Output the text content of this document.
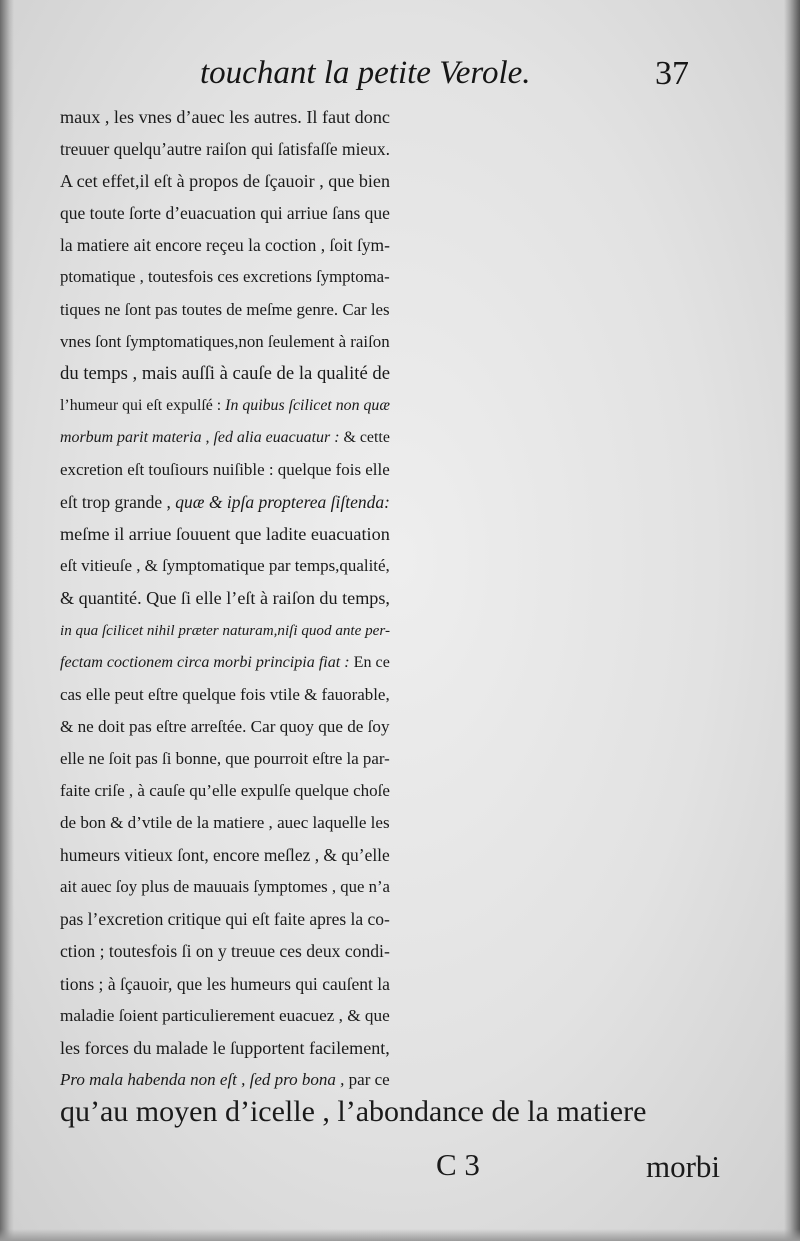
touchant la petite Verole.	37
maux , les vnes d’auec les autres. Il faut donc
treuuer quelqu’autre raiſon qui ſatisfaſſe mieux.
A cet effet,il eſt à propos de ſçauoir , que bien
que toute ſorte d’euacuation qui arriue ſans que
la matiere ait encore reçeu la coction , ſoit ſym-
ptomatique , toutesfois ces excretions ſymptoma-
tiques ne ſont pas toutes de meſme genre. Car les
vnes ſont ſymptomatiques,non ſeulement à raiſon
du temps , mais auſſi à cauſe de la qualité de
l’humeur qui eſt expulſé : In quibus ſcilicet non quæ
morbum parit materia , ſed alia euacuatur : & cette
excretion eſt touſiours nuiſible : quelque fois elle
eſt trop grande , quæ & ipſa propterea ſiſtenda:
meſme il arriue ſouuent que ladite euacuation
eſt vitieuſe , & ſymptomatique par temps,qualité,
& quantité. Que ſi elle l’eſt à raiſon du temps,
in qua ſcilicet nihil præter naturam,niſi quod ante per-
fectam coctionem circa morbi principia fiat : En ce
cas elle peut eſtre quelque fois vtile & fauorable,
& ne doit pas eſtre arreſtée. Car quoy que de ſoy
elle ne ſoit pas ſi bonne, que pourroit eſtre la par-
faite criſe , à cauſe qu’elle expulſe quelque choſe
de bon & d’vtile de la matiere , auec laquelle les
humeurs vitieux ſont, encore meſlez , & qu’elle
ait auec ſoy plus de mauuais ſymptomes , que n’a
pas l’excretion critique qui eſt faite apres la co-
ction ; toutesfois ſi on y treuue ces deux condi-
tions ; à ſçauoir, que les humeurs qui cauſent la
maladie ſoient particulierement euacuez , & que
les forces du malade le ſupportent facilement,
Pro mala habenda non eſt , ſed pro bona , par ce
qu’au moyen d’icelle , l’abondance de la matiere
C 3	morbi
